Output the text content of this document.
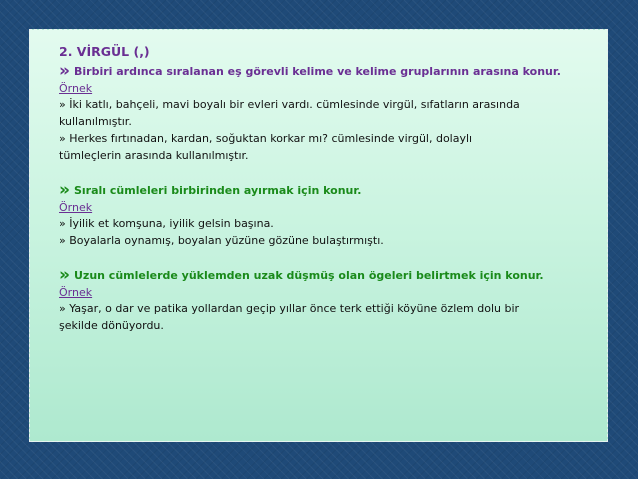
2. VİRGÜL (,)
» Birbiri ardınca sıralanan eş görevli kelime ve kelime gruplarının arasına konur.
Örnek
» İki katlı, bahçeli, mavi boyalı bir evleri vardı. cümlesinde virgül, sıfatların arasında
kullanılmıştır.
» Herkes fırtınadan, kardan, soğuktan korkar mı? cümlesinde virgül, dolaylı
tümleçlerin arasında kullanılmıştır.
» Sıralı cümleleri birbirinden ayırmak için konur.
Örnek
» İyilik et komşuna, iyilik gelsin başına.
» Boyalarla oynamış, boyalan yüzüne gözüne bulaştırmıştı.
» Uzun cümlelerde yüklemden uzak düşmüş olan ögeleri belirtmek için konur.
Örnek
» Yaşar, o dar ve patika yollardan geçip yıllar önce terk ettiği köyüne özlem dolu bir
şekilde dönüyordu.
